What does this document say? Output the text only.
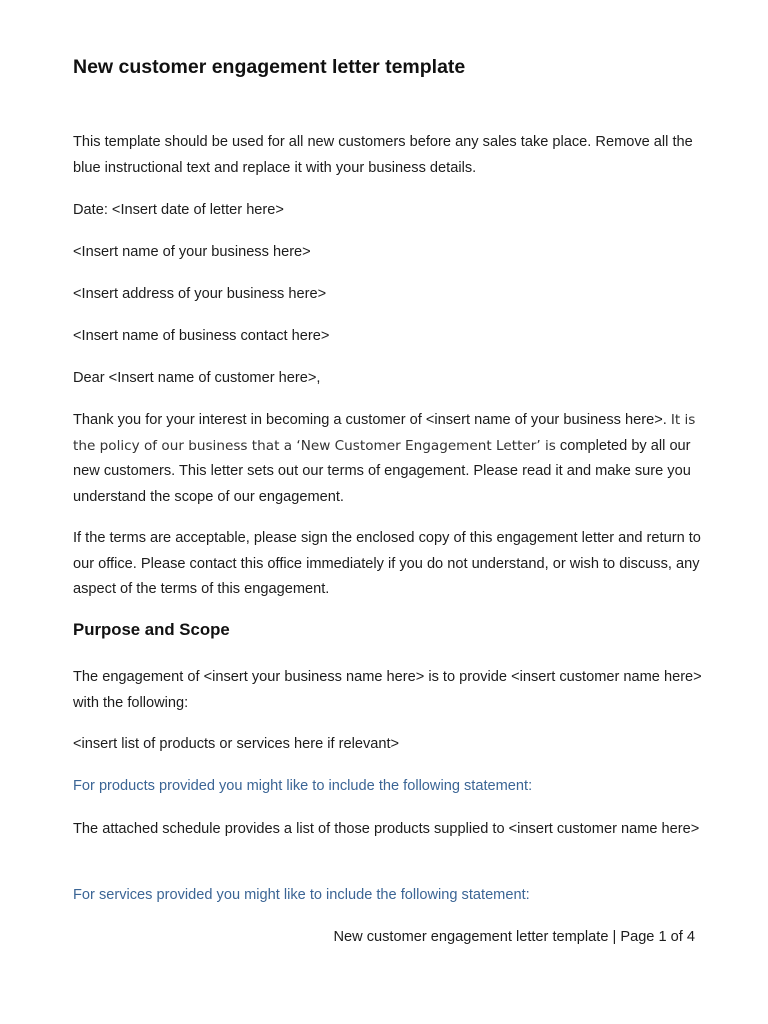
New customer engagement letter template

This template should be used for all new customers before any sales take place. Remove all the blue instructional text and replace it with your business details.

Date: <Insert date of letter here>

<Insert name of your business here>

<Insert address of your business here>

<Insert name of business contact here>

Dear <Insert name of customer here>,

Thank you for your interest in becoming a customer of <insert name of your business here>. It is the policy of our business that a ‘New Customer Engagement Letter’ is completed by all our new customers. This letter sets out our terms of engagement. Please read it and make sure you understand the scope of our engagement.

If the terms are acceptable, please sign the enclosed copy of this engagement letter and return to our office. Please contact this office immediately if you do not understand, or wish to discuss, any aspect of the terms of this engagement.

Purpose and Scope

The engagement of <insert your business name here> is to provide <insert customer name here> with the following:

<insert list of products or services here if relevant>

For products provided you might like to include the following statement:

The attached schedule provides a list of those products supplied to <insert customer name here>

For services provided you might like to include the following statement:

New customer engagement letter template | Page 1 of 4
